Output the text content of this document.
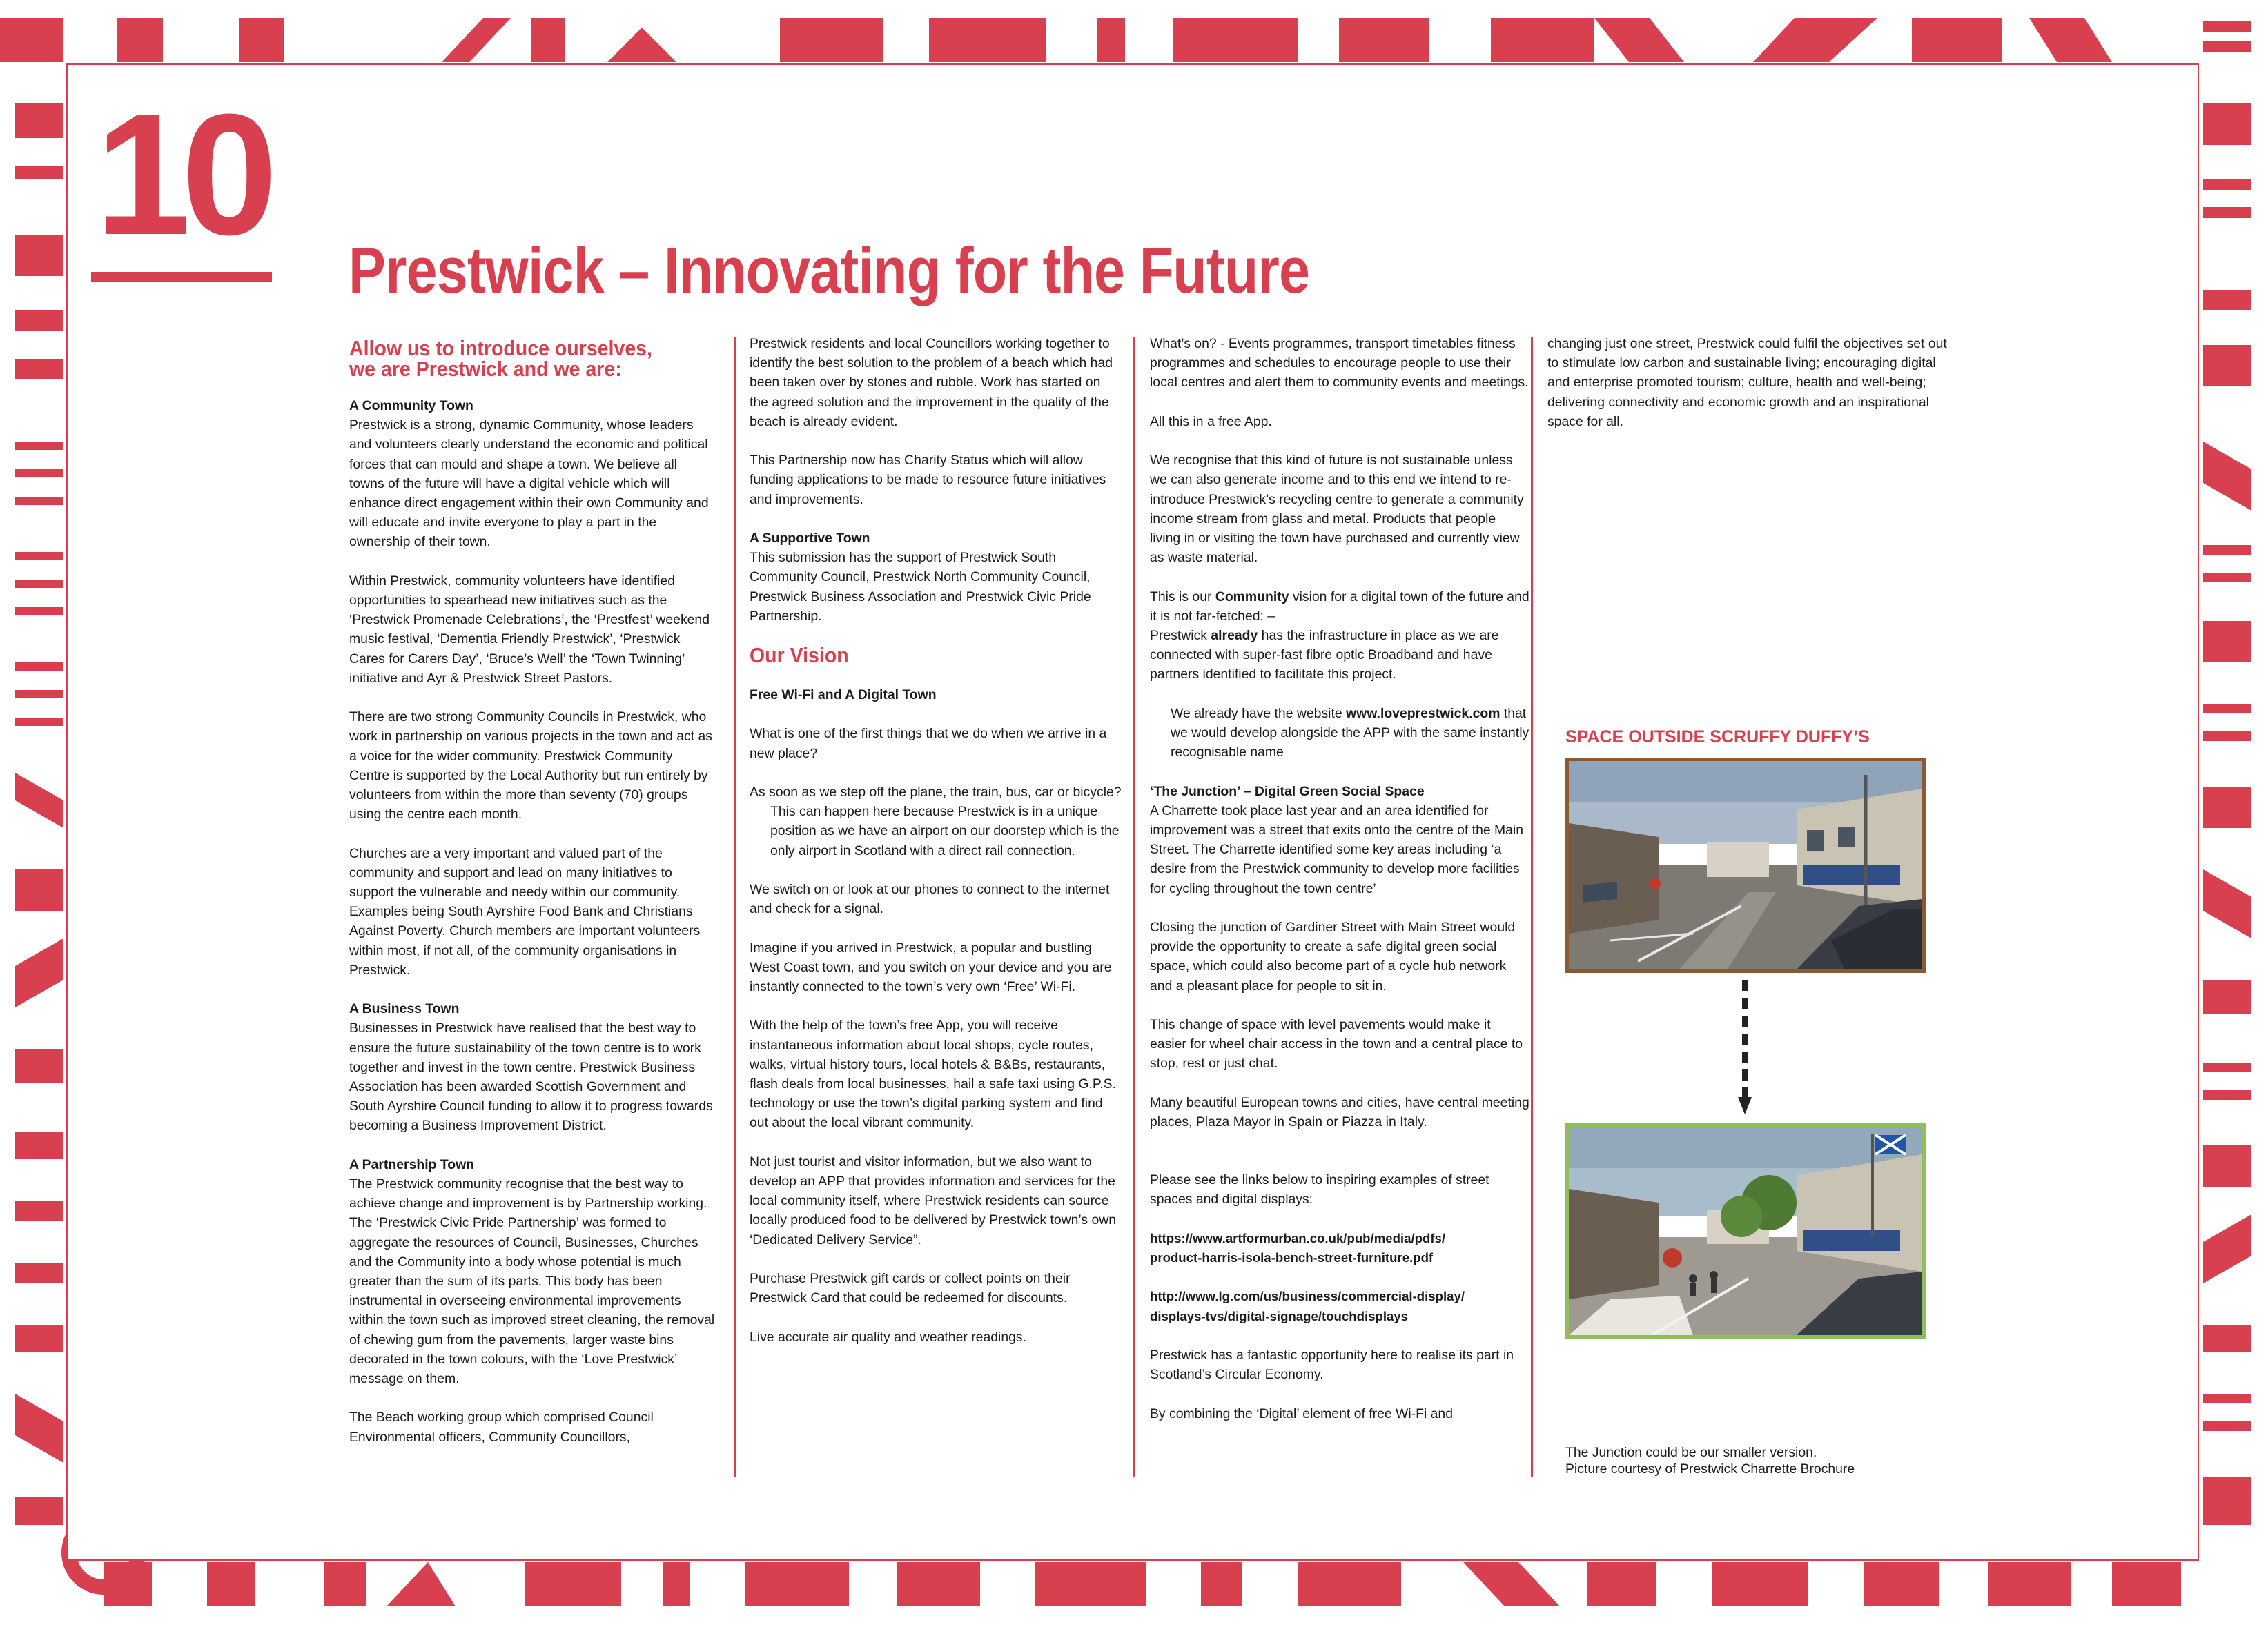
10 Prestwick – Innovating for the Future
Allow us to introduce ourselves,
we are Prestwick and we are:

A Community Town

Prestwick is a strong, dynamic Community, whose leaders and volunteers clearly understand the economic and political forces that can mould and shape a town. We believe all towns of the future will have a digital vehicle which will enhance direct engagement within their own Community and will educate and invite everyone to play a part in the ownership of their town.

Within Prestwick, community volunteers have identified opportunities to spearhead new initiatives such as the ‘Prestwick Promenade Celebrations’, the ‘Prestfest’ weekend music festival, ‘Dementia Friendly Prestwick’, ‘Prestwick Cares for Carers Day’, ‘Bruce’s Well’ the ‘Town Twinning’ initiative and Ayr & Prestwick Street Pastors.

There are two strong Community Councils in Prestwick, who work in partnership on various projects in the town and act as a voice for the wider community. Prestwick Community Centre is supported by the Local Authority but run entirely by volunteers from within the more than seventy (70) groups using the centre each month.

Churches are a very important and valued part of the community and support and lead on many initiatives to support the vulnerable and needy within our community. Examples being South Ayrshire Food Bank and Christians Against Poverty. Church members are important volunteers within most, if not all, of the community organisations in Prestwick.

A Business Town

Businesses in Prestwick have realised that the best way to ensure the future sustainability of the town centre is to work together and invest in the town centre. Prestwick Business Association has been awarded Scottish Government and South Ayrshire Council funding to allow it to progress towards becoming a Business Improvement District.

A Partnership Town

The Prestwick community recognise that the best way to achieve change and improvement is by Partnership working. The ‘Prestwick Civic Pride Partnership’ was formed to aggregate the resources of Council, Businesses, Churches and the Community into a body whose potential is much greater than the sum of its parts. This body has been instrumental in overseeing environmental improvements within the town such as improved street cleaning, the removal of chewing gum from the pavements, larger waste bins decorated in the town colours, with the ‘Love Prestwick’ message on them.

The Beach working group which comprised Council Environmental officers, Community Councillors,

Prestwick residents and local Councillors working together to identify the best solution to the problem of a beach which had been taken over by stones and rubble. Work has started on the agreed solution and the improvement in the quality of the beach is already evident.

This Partnership now has Charity Status which will allow funding applications to be made to resource future initiatives and improvements.

A Supportive Town

This submission has the support of Prestwick South Community Council, Prestwick North Community Council, Prestwick Business Association and Prestwick Civic Pride Partnership.

Our Vision

Free Wi-Fi and A Digital Town

What is one of the first things that we do when we arrive in a new place?

As soon as we step off the plane, the train, bus, car or bicycle?

This can happen here because Prestwick is in a unique position as we have an airport on our doorstep which is the only airport in Scotland with a direct rail connection.

We switch on or look at our phones to connect to the internet and check for a signal.

Imagine if you arrived in Prestwick, a popular and bustling West Coast town, and you switch on your device and you are instantly connected to the town’s very own ‘Free’ Wi-Fi.

With the help of the town’s free App, you will receive instantaneous information about local shops, cycle routes, walks, virtual history tours, local hotels & B&Bs, restaurants, flash deals from local businesses, hail a safe taxi using G.P.S. technology or use the town’s digital parking system and find out about the local vibrant community.

Not just tourist and visitor information, but we also want to develop an APP that provides information and services for the local community itself, where Prestwick residents can source locally produced food to be delivered by Prestwick town’s own ‘Dedicated Delivery Service”.

Purchase Prestwick gift cards or collect points on their Prestwick Card that could be redeemed for discounts.

Live accurate air quality and weather readings.

What’s on? - Events programmes, transport timetables fitness programmes and schedules to encourage people to use their local centres and alert them to community events and meetings.

All this in a free App.

We recognise that this kind of future is not sustainable unless we can also generate income and to this end we intend to re-introduce Prestwick’s recycling centre to generate a community income stream from glass and metal. Products that people living in or visiting the town have purchased and currently view as waste material.

This is our Community vision for a digital town of the future and it is not far-fetched: –

Prestwick already has the infrastructure in place as we are connected with super-fast fibre optic Broadband and have partners identified to facilitate this project.

We already have the website www.loveprestwick.com that we would develop alongside the APP with the same instantly recognisable name

‘The Junction’ – Digital Green Social Space

A Charrette took place last year and an area identified for improvement was a street that exits onto the centre of the Main Street. The Charrette identified some key areas including ‘a desire from the Prestwick community to develop more facilities for cycling throughout the town centre’

Closing the junction of Gardiner Street with Main Street would provide the opportunity to create a safe digital green social space, which could also become part of a cycle hub network and a pleasant place for people to sit in.

This change of space with level pavements would make it easier for wheel chair access in the town and a central place to stop, rest or just chat.

Many beautiful European towns and cities, have central meeting places, Plaza Mayor in Spain or Piazza in Italy.

Please see the links below to inspiring examples of street spaces and digital displays:

https://www.artformurban.co.uk/pub/media/pdfs/
product-harris-isola-bench-street-furniture.pdf

http://www.lg.com/us/business/commercial-display/
displays-tvs/digital-signage/touchdisplays

Prestwick has a fantastic opportunity here to realise its part in Scotland’s Circular Economy.

By combining the ‘Digital’ element of free Wi-Fi and

changing just one street, Prestwick could fulfil the objectives set out to stimulate low carbon and sustainable living; encouraging digital and enterprise promoted tourism; culture, health and well-being; delivering connectivity and economic growth and an inspirational space for all.

SPACE OUTSIDE SCRUFFY DUFFY’S
The Junction could be our smaller version.
Picture courtesy of Prestwick Charrette Brochure
